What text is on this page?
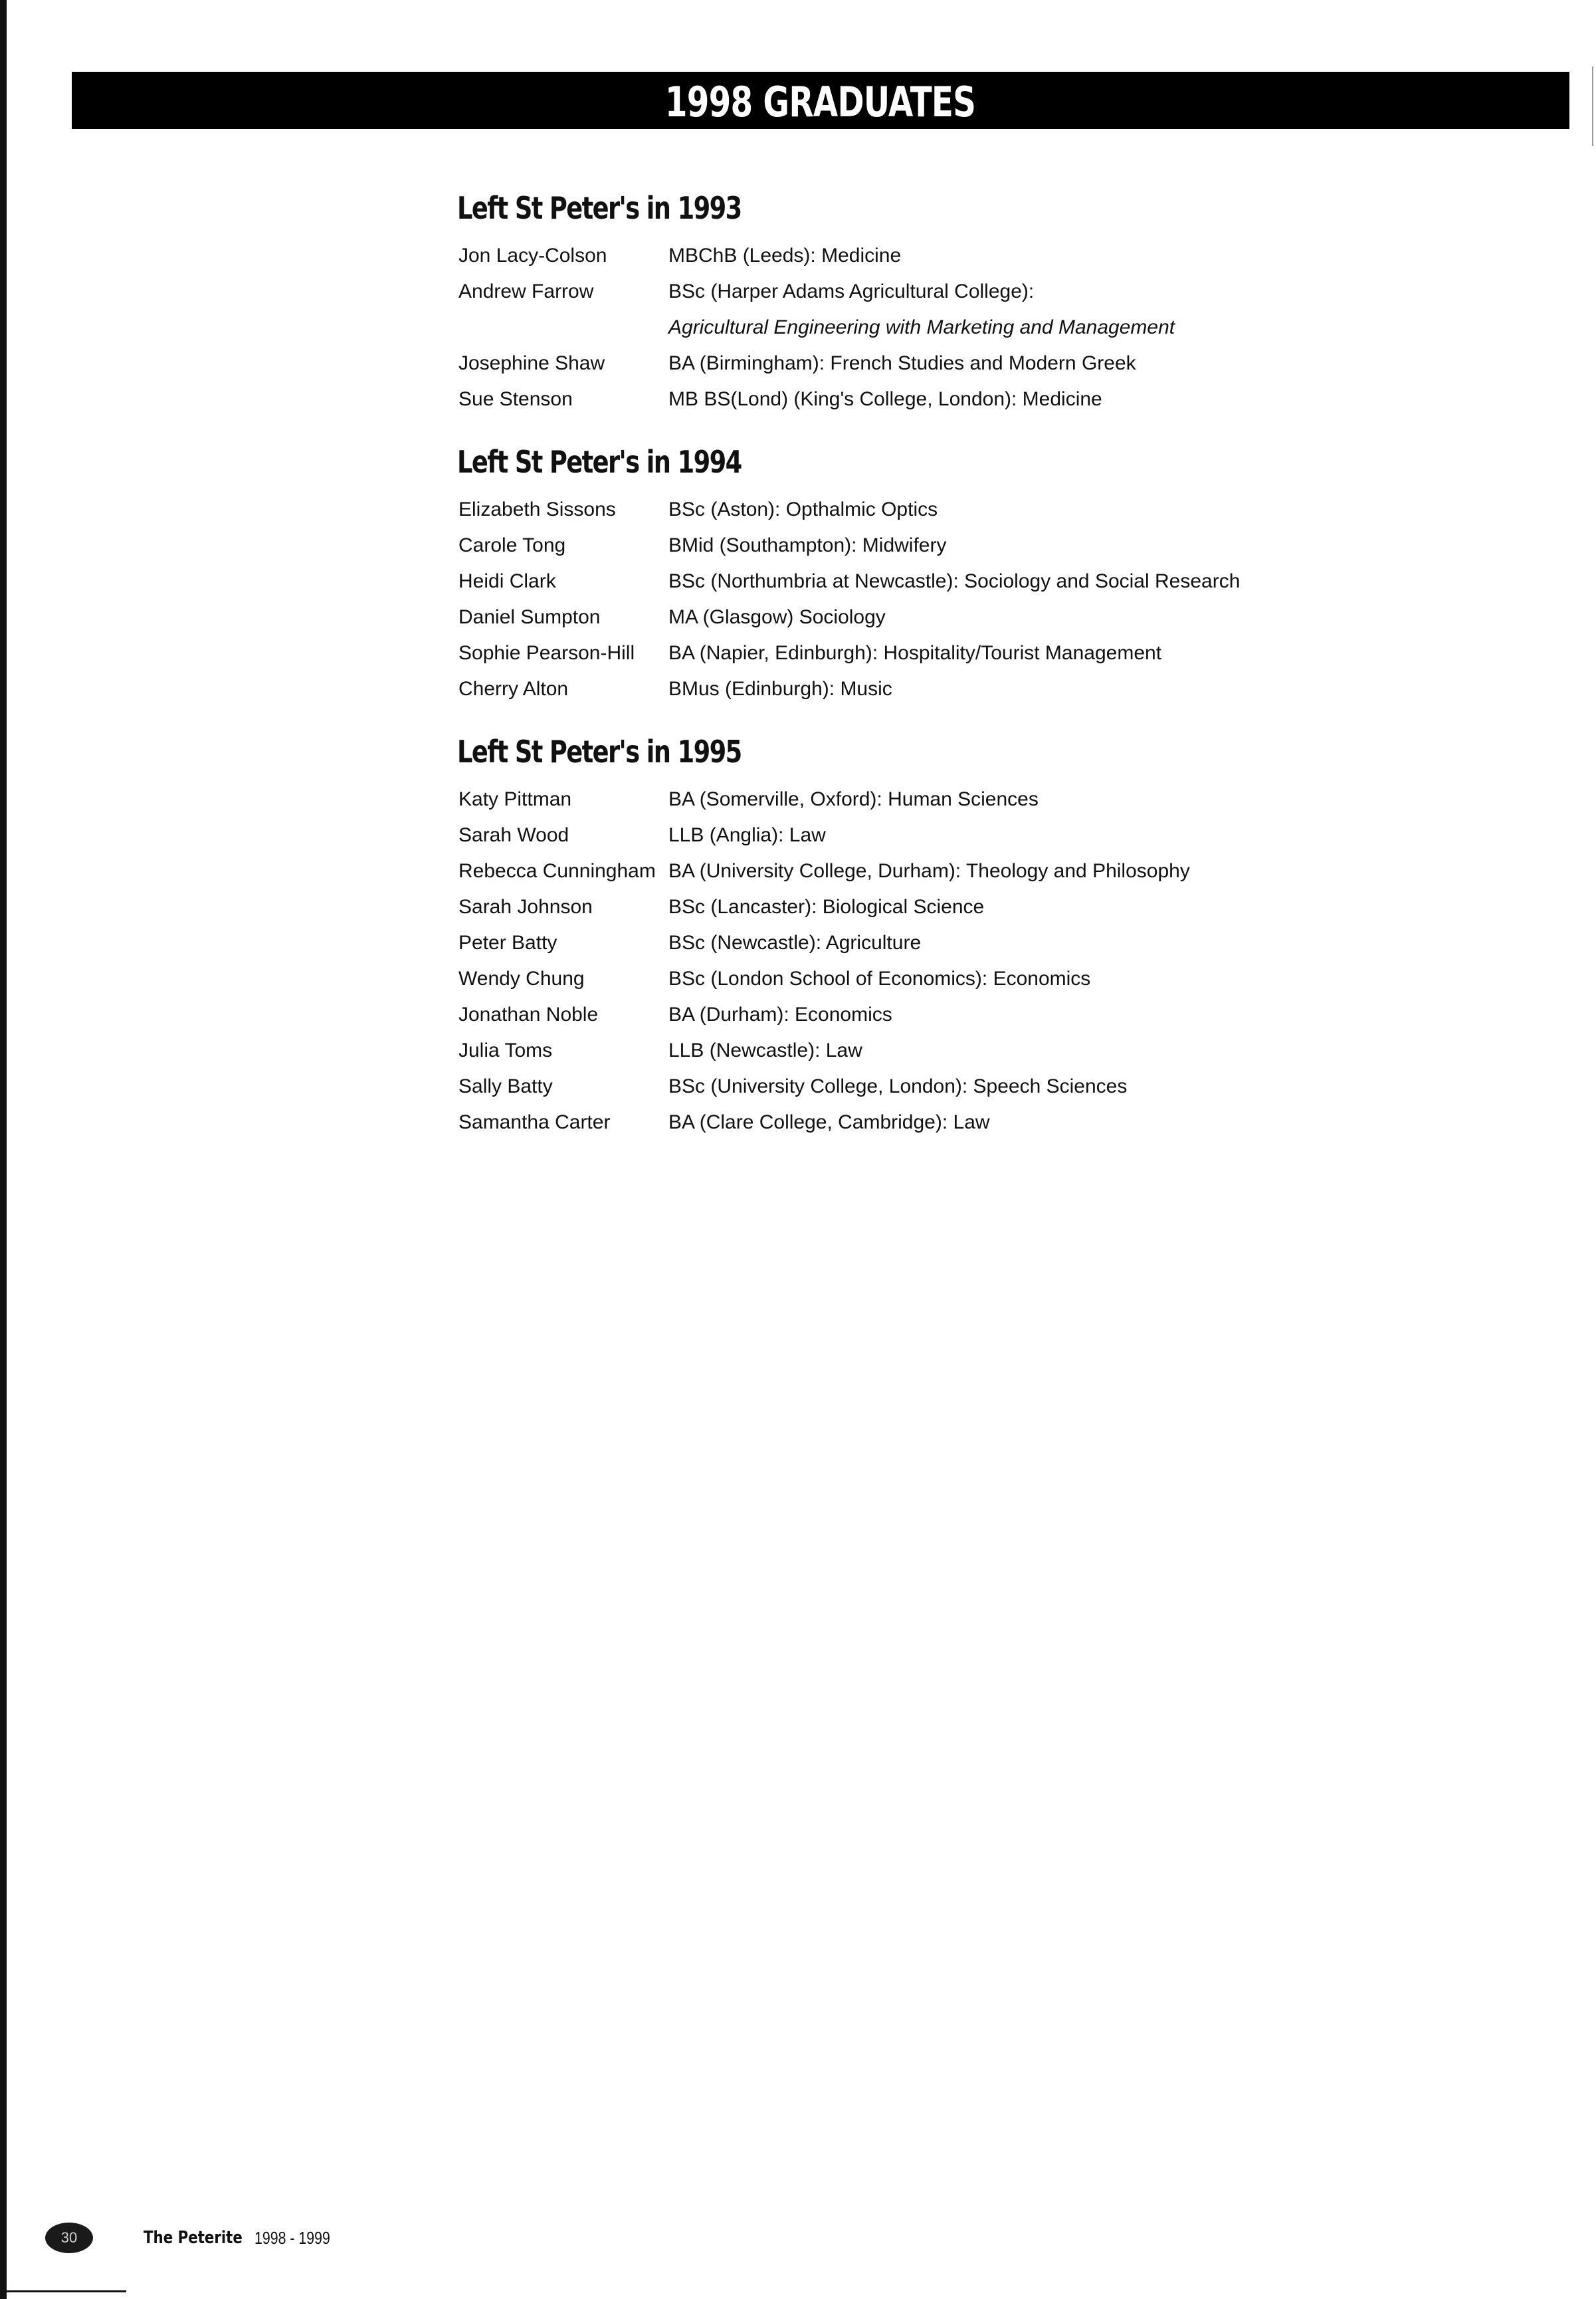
1998 GRADUATES
Left St Peter's in 1993
Jon Lacy-Colson	MBChB (Leeds): Medicine
Andrew Farrow	BSc (Harper Adams Agricultural College):
Agricultural Engineering with Marketing and Management
Josephine Shaw	BA (Birmingham): French Studies and Modern Greek
Sue Stenson	MB BS(Lond) (King's College, London): Medicine
Left St Peter's in 1994
Elizabeth Sissons	BSc (Aston): Opthalmic Optics
Carole Tong	BMid (Southampton): Midwifery
Heidi Clark	BSc (Northumbria at Newcastle): Sociology and Social Research
Daniel Sumpton	MA (Glasgow) Sociology
Sophie Pearson-Hill	BA (Napier, Edinburgh): Hospitality/Tourist Management
Cherry Alton	BMus (Edinburgh): Music
Left St Peter's in 1995
Katy Pittman	BA (Somerville, Oxford): Human Sciences
Sarah Wood	LLB (Anglia): Law
Rebecca Cunningham BA (University College, Durham): Theology and Philosophy
Sarah Johnson	BSc (Lancaster): Biological Science
Peter Batty	BSc (Newcastle): Agriculture
Wendy Chung	BSc (London School of Economics): Economics
Jonathan Noble	BA (Durham): Economics
Julia Toms	LLB (Newcastle): Law
Sally Batty	BSc (University College, London): Speech Sciences
Samantha Carter	BA (Clare College, Cambridge): Law
30	The Peterite 1998 - 1999
